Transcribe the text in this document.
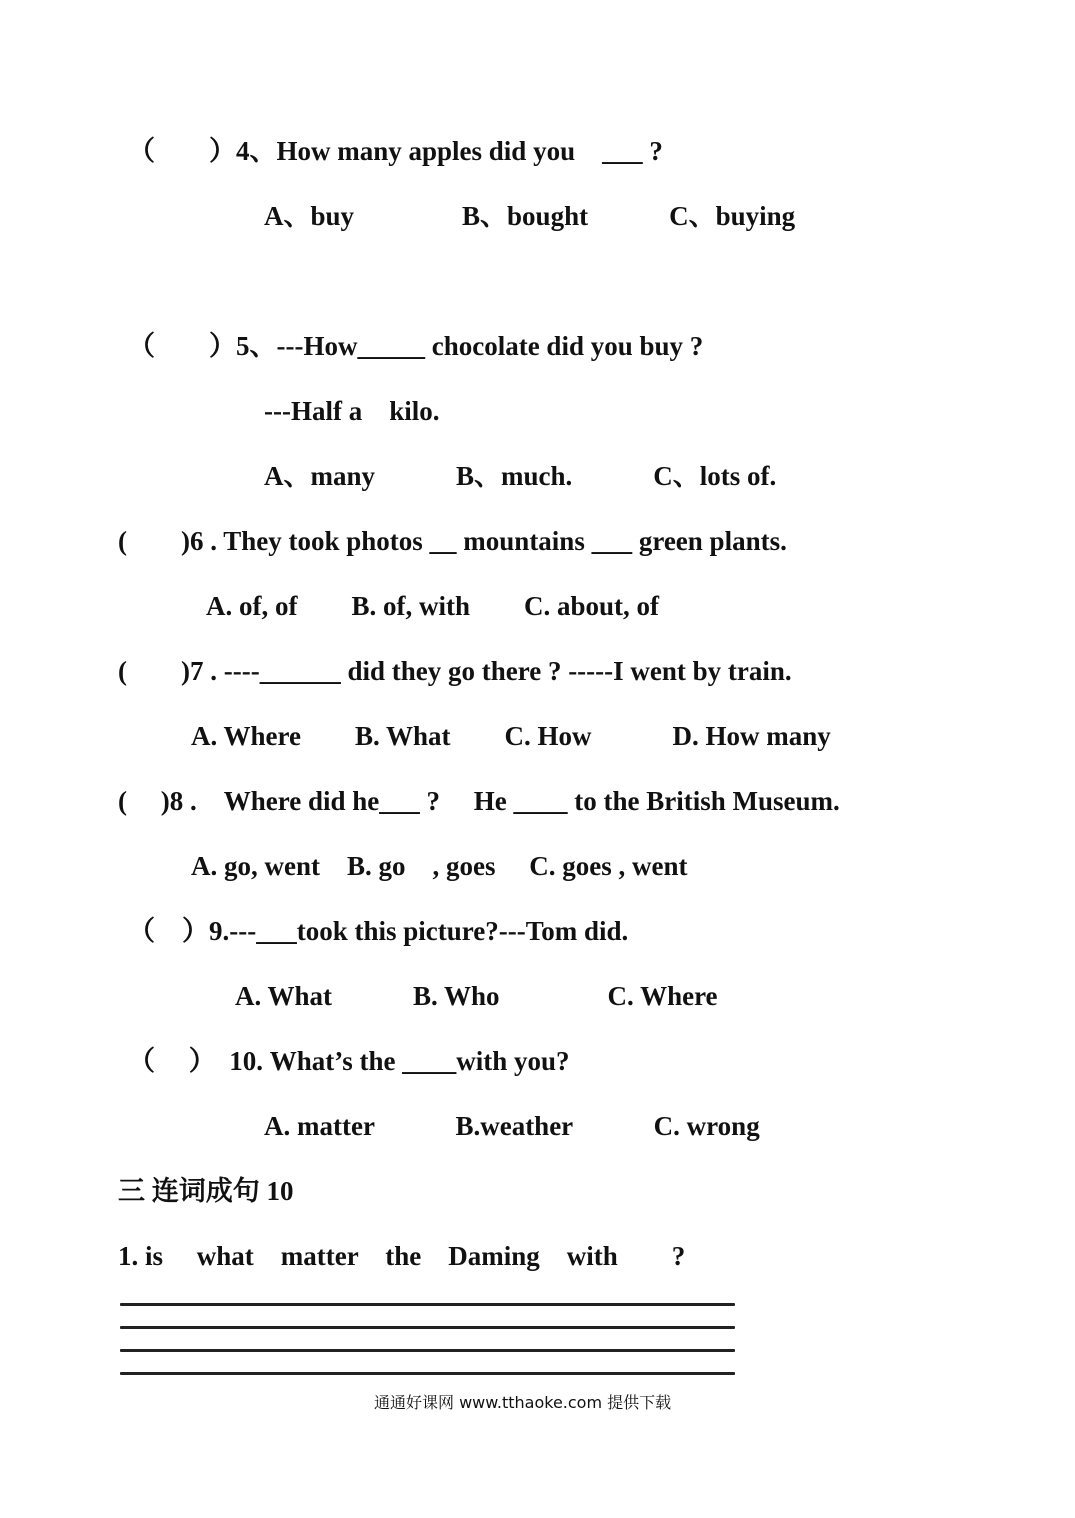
（　　）4、How many apples did you　___ ?
A、buy　　　　B、bought　　　C、buying
（　　）5、---How_____ chocolate did you buy ?
---Half a　kilo.
A、many　　　B、much.　　　C、lots of.
(　　)6 . They took photos __ mountains ___ green plants.
A. of, of　　B. of, with　　C. about, of
(　　)7 . ----______ did they go there ? -----I went by train.
A. Where　　B. What　　C. How　　　D. How many
(　 )8 .　Where did he___ ?　 He ____ to the British Museum.
A. go, went　B. go　, goes　 C. goes , went
（　）9.---___took this picture?---Tom did.
A. What　　　B. Who　　　　C. Where
（　 ）　10. What’s the ____with you?
A. matter　　　B.weather　　　C. wrong
三 连词成句 10
1. is　 what　matter　the　Daming　with　　?
通通好课网 www.tthaoke.com 提供下载
